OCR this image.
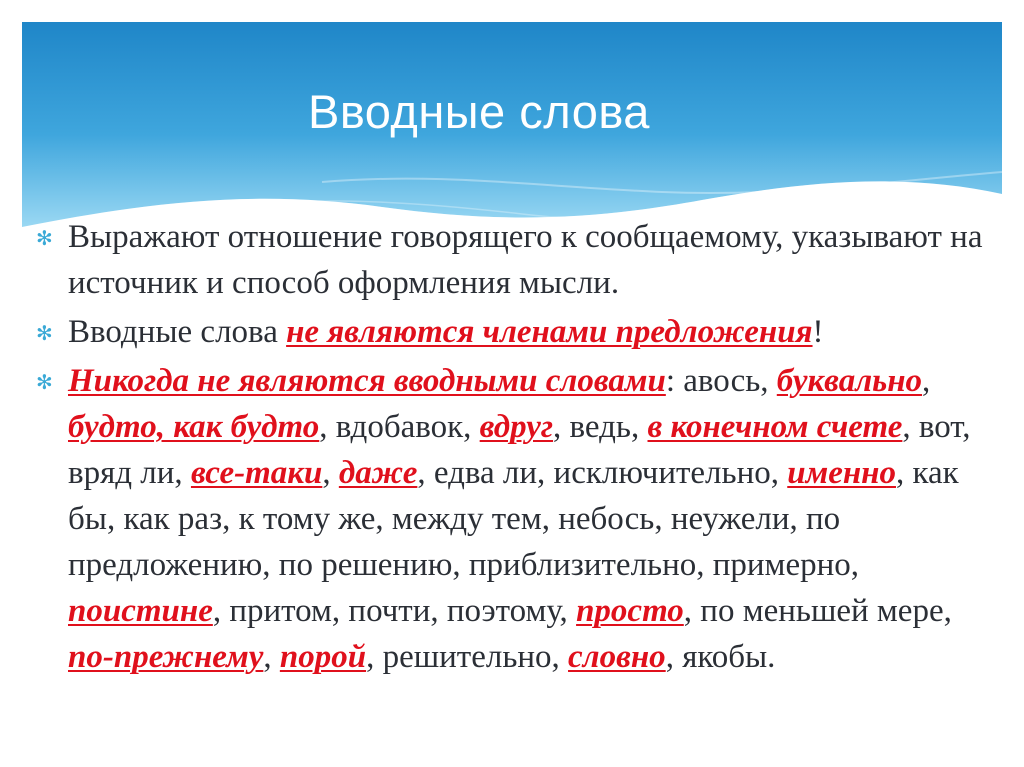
Вводные слова
✻ Выражают отношение говорящего к сообщаемому, указывают на источник и способ оформления мысли.
✻ Вводные слова не являются членами предложения!
✻ Никогда не являются вводными словами: авось, буквально, будто, как будто, вдобавок, вдруг, ведь, в конечном счете, вот, вряд ли, все-таки, даже, едва ли, исключительно, именно, как бы, как раз, к тому же, между тем, небось, неужели, по предложению, по решению, приблизительно, примерно, поистине, притом, почти, поэтому, просто, по меньшей мере, по-прежнему, порой, решительно, словно, якобы.
